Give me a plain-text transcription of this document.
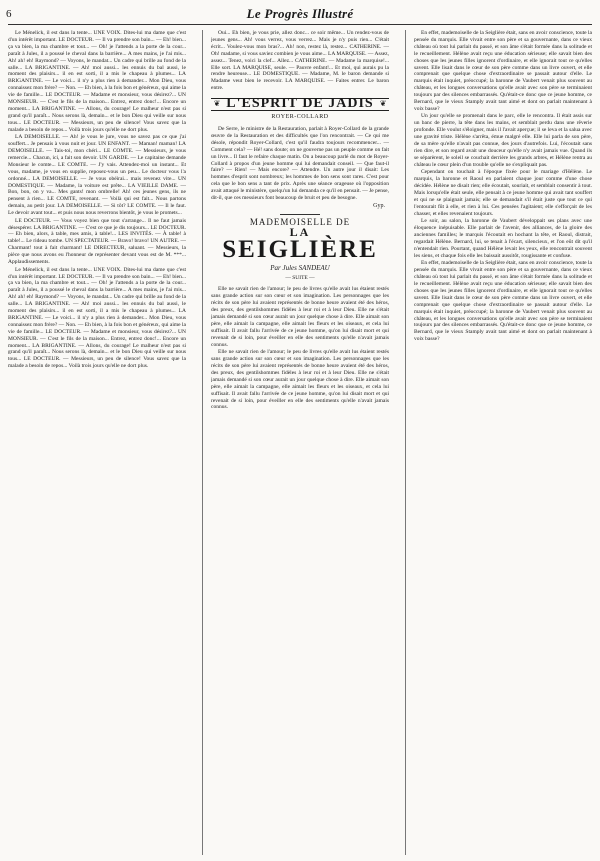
6	Le Progrès Illustré

Le Ménelick, il est dans la tente... UNE VOIX. Dites-lui ma dame que c'est d'un intérêt important. LE DOCTEUR. — Il va prendre son bain... — Eh! bien... ça va bien, la ma chambre et tout... — Oh! je l'attends a la porte de la cour... paraît à Jules, il a poussé le cheval dans la barrière... A mes mains, je l'ai mis... Ah! ah! eh! Raymond? — Voyons, le mandat... Un cadre qui brille au fond de la salle... LA BRIGANTINE. — Ah! moi aussi... les ennuis du bal aussi, le moment des plaisirs... il en est sorti, il a mis le chapeau à plumes... LA BRIGANTINE. — Le voici... il n'y a plus rien à demander... Mon Dieu, vous connaissez mon frère? — Non. — Eh bien, à la fois bon et généreux, qui aime la vie de famille... LE DOCTEUR. — Madame et monsieur, vous désirez?... UN MONSIEUR. — C'est le fils de la maison... Entrez, entrez donc!... Encore un moment... LA BRIGANTINE. — Allons, du courage! Le malheur n'est pas si grand qu'il paraît... Nous serons là, demain... et le bon Dieu qui veille sur nous tous... LE DOCTEUR. — Messieurs, un peu de silence! Vous savez que la malade a besoin de repos... Voilà trois jours qu'elle ne dort plus.

LA DEMOISELLE. — Ah! je vous le jure, vous ne savez pas ce que j'ai souffert... Je pensais à vous nuit et jour. UN ENFANT. — Maman! maman! LA DEMOISELLE. — Tais-toi, mon chéri... LE COMTE. — Messieurs, je vous remercie... Chacun, ici, a fait son devoir. UN GARDE. — Le capitaine demande Monsieur le comte... LE COMTE. — J'y vais. Attendez-moi un instant... Et vous, madame, je vous en supplie, reposez-vous un peu... Le docteur vous l'a ordonné... LA DEMOISELLE. — Je vous obéirai... mais revenez vite... UN DOMESTIQUE. — Madame, la voiture est prête... LA VIEILLE DAME. — Bon, bon, on y va... Mes gants! mon ombrelle! Ah! ces jeunes gens, ils ne pensent à rien... LE COMTE, revenant. — Voilà qui est fait... Nous partons demain, au petit jour. LA DEMOISELLE. — Si tôt? LE COMTE. — Il le faut. Le devoir avant tout... et puis nous nous reverrons bientôt, je vous le promets...

LE DOCTEUR. — Vous voyez bien que tout s'arrange... Il ne faut jamais désespérer. LA BRIGANTINE. — C'est ce que je dis toujours... LE DOCTEUR. — Eh bien, alors, à table, mes amis, à table!... LES INVITÉS. — À table! à table!... Le rideau tombe. UN SPECTATEUR. — Bravo! bravo! UN AUTRE. — Charmant! tout à fait charmant! LE DIRECTEUR, saluant. — Messieurs, la pièce que nous avons eu l'honneur de représenter devant vous est de M. ***... Applaudissements.

Le Ménelick, il est dans la tente... UNE VOIX. Dites-lui ma dame que c'est d'un intérêt important. LE DOCTEUR. — Il va prendre son bain... — Eh! bien... ça va bien, la ma chambre et tout... — Oh! je l'attends a la porte de la cour... paraît à Jules, il a poussé le cheval dans la barrière... A mes mains, je l'ai mis... Ah! ah! eh! Raymond? — Voyons, le mandat... Un cadre qui brille au fond de la salle... LA BRIGANTINE. — Ah! moi aussi... les ennuis du bal aussi, le moment des plaisirs... il en est sorti, il a mis le chapeau à plumes... LA BRIGANTINE. — Le voici... il n'y a plus rien à demander... Mon Dieu, vous connaissez mon frère? — Non. — Eh bien, à la fois bon et généreux, qui aime la vie de famille... LE DOCTEUR. — Madame et monsieur, vous désirez?... UN MONSIEUR. — C'est le fils de la maison... Entrez, entrez donc!... Encore un moment... LA BRIGANTINE. — Allons, du courage! Le malheur n'est pas si grand qu'il paraît... Nous serons là, demain... et le bon Dieu qui veille sur nous tous... LE DOCTEUR. — Messieurs, un peu de silence! Vous savez que la malade a besoin de repos... Voilà trois jours qu'elle ne dort plus.

Oui... Eh bien, je vous prie, allez donc... ce soir même... Un rendez-vous de jeunes gens... Ah! vous verrez, vous verrez... Mais je n'y puis rien... C'était écrit... Voulez-vous mon bras?... Ah! non, restez là, restez... CATHERINE. — Oh! madame, si vous saviez combien je vous aime... LA MARQUISE. — Assez, assez... Tenez, voici la clef... Allez... CATHERINE. — Madame la marquise!... Elle sort. LA MARQUISE, seule. — Pauvre enfant!... Et moi, qui aurais pu la rendre heureuse... LE DOMESTIQUE. — Madame, M. le baron demande si Madame veut bien le recevoir. LA MARQUISE. — Faites entrer. Le baron entre.

❦ L'ESPRIT DE JADIS ❦
ROYER-COLLARD

De Serre, le ministre de la Restauration, parlait à Royer-Collard de la grande œuvre de la Restauration et des difficultés que l'on rencontrait. — Ce qui me désole, répondit Royer-Collard, c'est qu'il faudra toujours recommencer... — Comment cela? — Hé! sans doute; on ne gouverne pas un peuple comme on fait un livre... Il faut le refaire chaque matin. On a beaucoup parlé du mot de Royer-Collard à propos d'un jeune homme qui lui demandait conseil. — Que faut-il faire? — Rien! — Mais encore? — Attendre. Un autre jour il disait: Les hommes d'esprit sont nombreux; les hommes de bon sens sont rares. C'est pour cela que le bon sens a tant de prix. Après une séance orageuse où l'opposition avait attaqué le ministère, quelqu'un lui demanda ce qu'il en pensait. — Je pense, dit-il, que ces messieurs font beaucoup de bruit et peu de besogne.

Gyp.
MADEMOISELLE DE
LA
SEIGLIÈRE
Par Jules SANDEAU
— SUITE —

Elle ne savait rien de l'amour; le peu de livres qu'elle avait lus étaient restés sans grande action sur son cœur et son imagination. Les personnages que les récits de son père lui avaient représentés de bonne heure avaient été des héros, des preux, des gentilshommes fidèles à leur roi et à leur Dieu. Elle ne s'était jamais demandé si son cœur aurait un jour quelque chose à dire. Elle aimait son père, elle aimait la campagne, elle aimait les fleurs et les oiseaux, et cela lui suffisait. Il avait fallu l'arrivée de ce jeune homme, qu'on lui disait mort et qui revenait de si loin, pour éveiller en elle des sentiments qu'elle n'avait jamais connus.

Elle ne savait rien de l'amour; le peu de livres qu'elle avait lus étaient restés sans grande action sur son cœur et son imagination. Les personnages que les récits de son père lui avaient représentés de bonne heure avaient été des héros, des preux, des gentilshommes fidèles à leur roi et à leur Dieu. Elle ne s'était jamais demandé si son cœur aurait un jour quelque chose à dire. Elle aimait son père, elle aimait la campagne, elle aimait les fleurs et les oiseaux, et cela lui suffisait. Il avait fallu l'arrivée de ce jeune homme, qu'on lui disait mort et qui revenait de si loin, pour éveiller en elle des sentiments qu'elle n'avait jamais connus.

En effet, mademoiselle de la Seiglière était, sans en avoir conscience, toute la pensée du marquis. Elle vivait entre son père et sa gouvernante, dans ce vieux château où tout lui parlait du passé, et son âme s'était formée dans la solitude et le recueillement. Hélène avait reçu une éducation sérieuse; elle savait bien des choses que les jeunes filles ignorent d'ordinaire, et elle ignorait tout ce qu'elles savent. Elle lisait dans le cœur de son père comme dans un livre ouvert, et elle comprenait que quelque chose d'extraordinaire se passait autour d'elle. Le marquis était inquiet, préoccupé; la baronne de Vaubert venait plus souvent au château, et les longues conversations qu'elle avait avec son père se terminaient toujours par des silences embarrassés. Qu'était-ce donc que ce jeune homme, ce Bernard, que le vieux Stamply avait tant aimé et dont on parlait maintenant à voix basse?

Un jour qu'elle se promenait dans le parc, elle le rencontra. Il était assis sur un banc de pierre, la tête dans les mains, et semblait perdu dans une rêverie profonde. Elle voulut s'éloigner, mais il l'avait aperçue; il se leva et la salua avec une gravité triste. Hélène s'arrêta, émue malgré elle. Elle lui parla de son père, de sa mère qu'elle n'avait pas connue, des jours d'autrefois. Lui, l'écoutait sans rien dire, et son regard avait une douceur qu'elle n'y avait jamais vue. Quand ils se séparèrent, le soleil se couchait derrière les grands arbres, et Hélène rentra au château le cœur plein d'un trouble qu'elle ne s'expliquait pas.

Cependant on touchait à l'époque fixée pour le mariage d'Hélène. Le marquis, la baronne et Raoul en parlaient chaque jour comme d'une chose décidée. Hélène ne disait rien; elle écoutait, souriait, et semblait consentir à tout. Mais lorsqu'elle était seule, elle pensait à ce jeune homme qui avait tant souffert et qui ne se plaignait jamais; elle se demandait s'il était juste que tout ce qui l'entourait fût à elle, et rien à lui. Ces pensées l'agitaient; elle s'efforçait de les chasser, et elles revenaient toujours.

Le soir, au salon, la baronne de Vaubert développait ses plans avec une éloquence inépuisable. Elle parlait de l'avenir, des alliances, de la gloire des anciennes familles; le marquis l'écoutait en hochant la tête, et Raoul, distrait, regardait Hélène. Bernard, lui, se tenait à l'écart, silencieux, et l'on eût dit qu'il n'entendait rien. Pourtant, quand Hélène levait les yeux, elle rencontrait souvent les siens, et chaque fois elle les baissait aussitôt, rougissante et confuse.

En effet, mademoiselle de la Seiglière était, sans en avoir conscience, toute la pensée du marquis. Elle vivait entre son père et sa gouvernante, dans ce vieux château où tout lui parlait du passé, et son âme s'était formée dans la solitude et le recueillement. Hélène avait reçu une éducation sérieuse; elle savait bien des choses que les jeunes filles ignorent d'ordinaire, et elle ignorait tout ce qu'elles savent. Elle lisait dans le cœur de son père comme dans un livre ouvert, et elle comprenait que quelque chose d'extraordinaire se passait autour d'elle. Le marquis était inquiet, préoccupé; la baronne de Vaubert venait plus souvent au château, et les longues conversations qu'elle avait avec son père se terminaient toujours par des silences embarrassés. Qu'était-ce donc que ce jeune homme, ce Bernard, que le vieux Stamply avait tant aimé et dont on parlait maintenant à voix basse?
